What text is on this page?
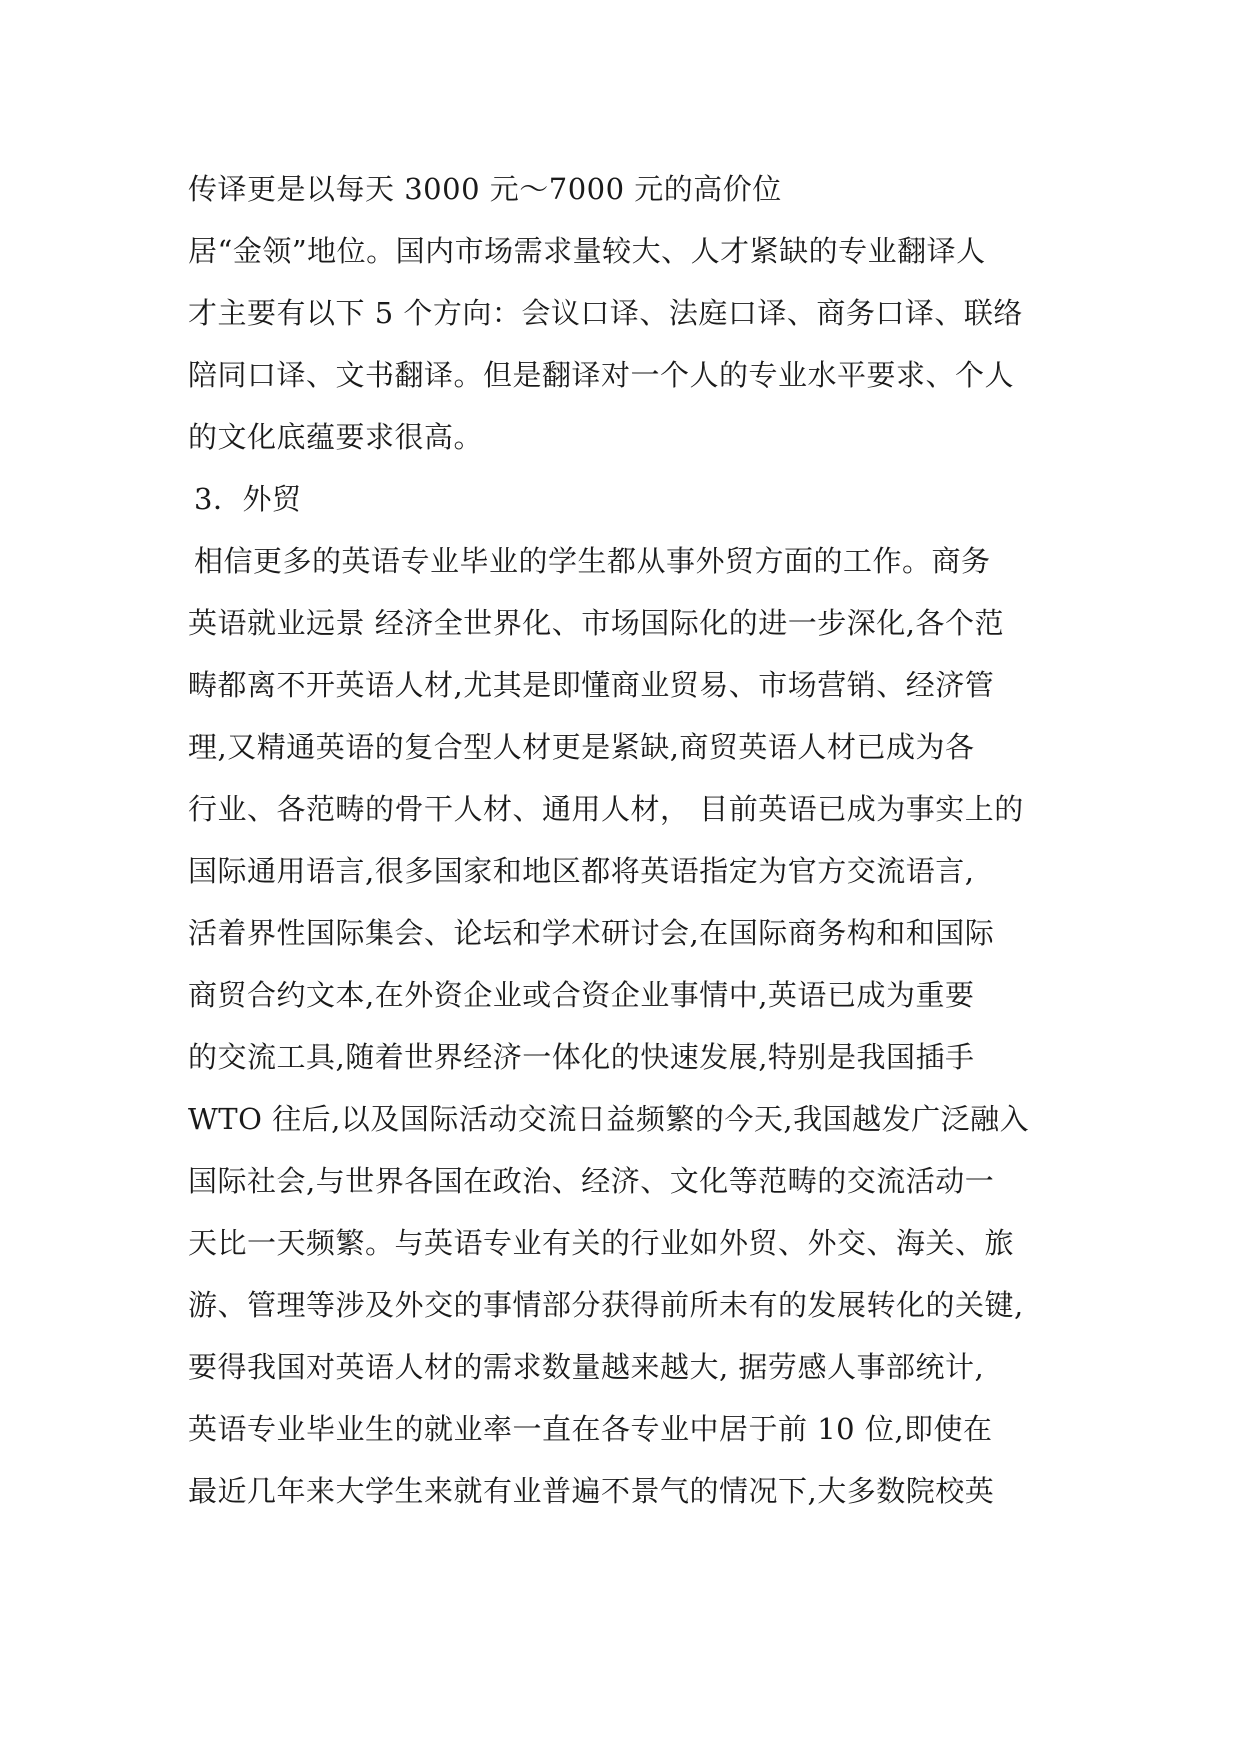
传译更是以每天 3000 元～7000 元的高价位
居“金领”地位。国内市场需求量较大、人才紧缺的专业翻译人
才主要有以下 5 个方向：会议口译、法庭口译、商务口译、联络
陪同口译、文书翻译。但是翻译对一个人的专业水平要求、个人
的文化底蕴要求很高。
3．外贸
相信更多的英语专业毕业的学生都从事外贸方面的工作。商务
英语就业远景 经济全世界化、市场国际化的进一步深化,各个范
畴都离不开英语人材,尤其是即懂商业贸易、市场营销、经济管
理,又精通英语的复合型人材更是紧缺,商贸英语人材已成为各
行业、各范畴的骨干人材、通用人材， 目前英语已成为事实上的
国际通用语言,很多国家和地区都将英语指定为官方交流语言,
活着界性国际集会、论坛和学术研讨会,在国际商务构和和国际
商贸合约文本,在外资企业或合资企业事情中,英语已成为重要
的交流工具,随着世界经济一体化的快速发展,特别是我国插手
WTO 往后,以及国际活动交流日益频繁的今天,我国越发广泛融入
国际社会,与世界各国在政治、经济、文化等范畴的交流活动一
天比一天频繁。与英语专业有关的行业如外贸、外交、海关、旅
游、管理等涉及外交的事情部分获得前所未有的发展转化的关键,
要得我国对英语人材的需求数量越来越大, 据劳感人事部统计,
英语专业毕业生的就业率一直在各专业中居于前 10 位,即使在
最近几年来大学生来就有业普遍不景气的情况下,大多数院校英
